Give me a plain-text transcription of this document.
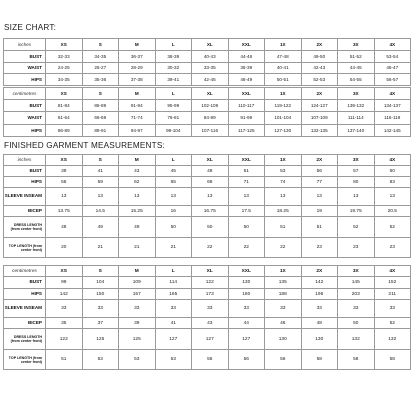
SIZE CHART:
inches	XS	S	M	L	XL	XXL	1X	2X	3X	4X
BUST	32-33	34-35	36-37	38-39	40-43	44-46	47-48	49-50	51-52	53-54
WAIST	24-25	26-27	28-29	30-32	33-35	36-39	40-41	42-43	44-45	46-47
HIPS	34-35	35-36	37-38	39-41	42-45	46-49	50-51	52-53	54-55	56-57
centimetres	XS	S	M	L	XL	XXL	1X	2X	3X	4X
BUST	81-84	86-89	91-94	95-99	102-109	110-117	119-122	124-127	139-132	134-137
WAIST	61-64	66-69	71-74	76-81	84-89	91-99	101-104	107-109	111-114	116-119
HIPS	86-89	89-91	94-97	99-104	107-116	117-125	127-130	132-135	137-140	142-145
FINISHED GARMENT MEASUREMENTS:
inches	XS	S	M	L	XL	XXL	1X	2X	3X	4X
BUST	39	41	43	45	48	51	53	56	57	60
HIPS	56	59	62	65	68	71	74	77	80	83
SLEEVE INSEAM	13	13	13	13	13	13	13	13	13	13
BICEP	13.75	14.5	15.25	16	16.75	17.5	18.25	19	19.75	20.5
DRESS LENGTH (from center front)	48	49	49	50	50	50	51	51	52	52
TOP LENGTH (from center front)	20	21	21	21	22	22	22	23	23	23
centimetres	XS	S	M	L	XL	XXL	1X	2X	3X	4X
BUST	99	104	109	114	122	130	135	142	145	152
HIPS	142	150	157	165	173	180	188	196	203	211
SLEEVE INSEAM	33	33	33	33	33	33	33	33	33	33
BICEP	35	37	39	41	43	44	46	48	50	52
DRESS LENGTH (from center front)	122	125	125	127	127	127	130	130	132	132
TOP LENGTH (from center front)	51	53	53	53	56	56	56	58	58	58
